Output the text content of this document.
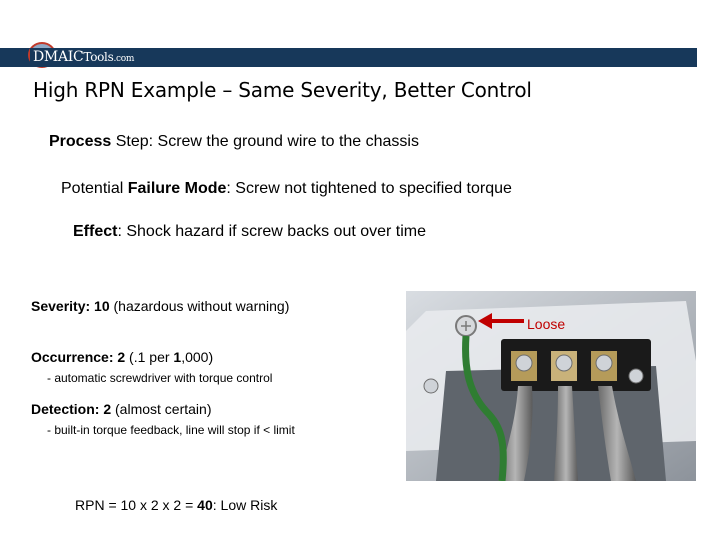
DMAICTools.com
High RPN Example – Same Severity, Better Control
Process Step: Screw the ground wire to the chassis
Potential Failure Mode: Screw not tightened to specified torque
Effect: Shock hazard if screw backs out over time
Severity: 10 (hazardous without warning)
Occurrence: 2 (.1 per 1,000)
- automatic screwdriver with torque control
Detection: 2 (almost certain)
- built-in torque feedback, line will stop if < limit
RPN = 10 x 2 x 2 = 40: Low Risk
Loose
